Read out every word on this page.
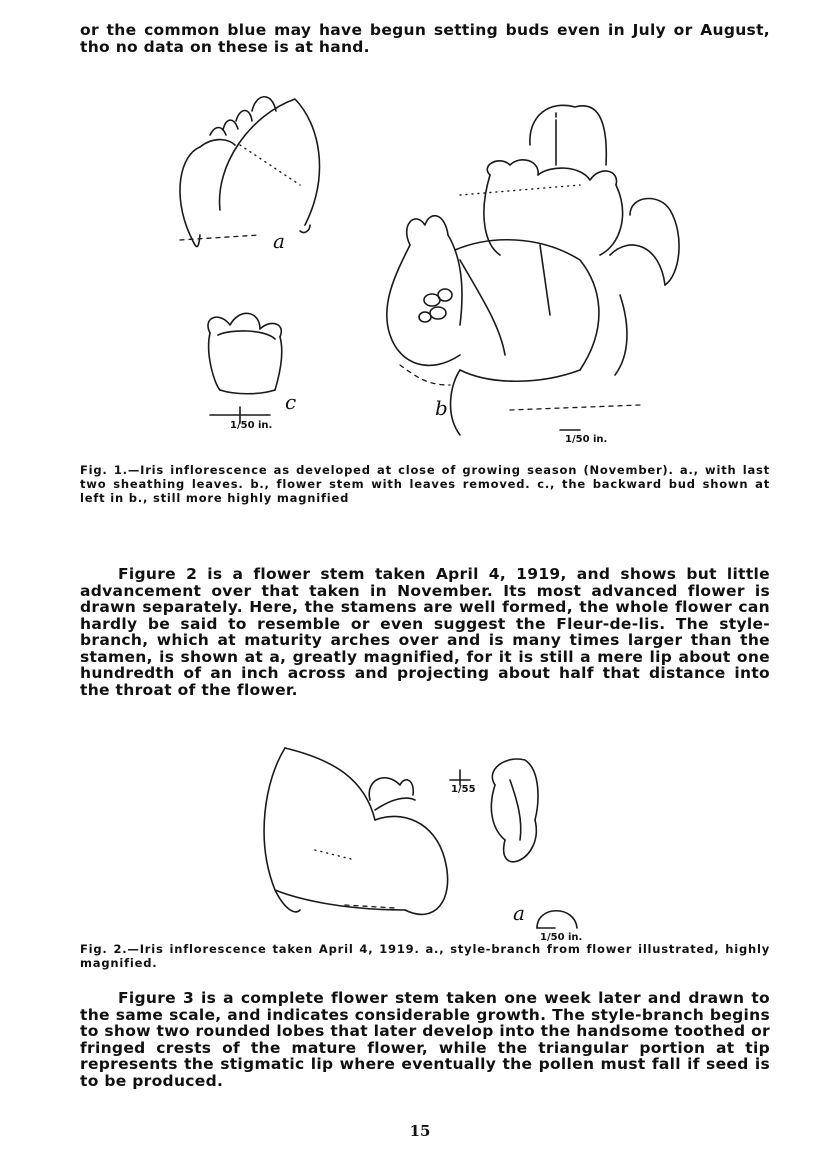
or the common blue may have begun setting buds even in July or August, tho no data on these is at hand.

a
c
1/50 in.
b
1/50 in.

Fig. 1.—Iris inflorescence as developed at close of growing season (November). a., with last two sheathing leaves. b., flower stem with leaves removed. c., the backward bud shown at left in b., still more highly magnified

Figure 2 is a flower stem taken April 4, 1919, and shows but little advancement over that taken in November. Its most advanced flower is drawn separately. Here, the stamens are well formed, the whole flower can hardly be said to resemble or even suggest the Fleur-de-lis. The style-branch, which at maturity arches over and is many times larger than the stamen, is shown at a, greatly magnified, for it is still a mere lip about one hundredth of an inch across and projecting about half that distance into the throat of the flower.

1/55
a
1/50 in.

Fig. 2.—Iris inflorescence taken April 4, 1919. a., style-branch from flower illustrated, highly magnified.

Figure 3 is a complete flower stem taken one week later and drawn to the same scale, and indicates considerable growth. The style-branch begins to show two rounded lobes that later develop into the handsome toothed or fringed crests of the mature flower, while the triangular portion at tip represents the stigmatic lip where eventually the pollen must fall if seed is to be produced.

15
